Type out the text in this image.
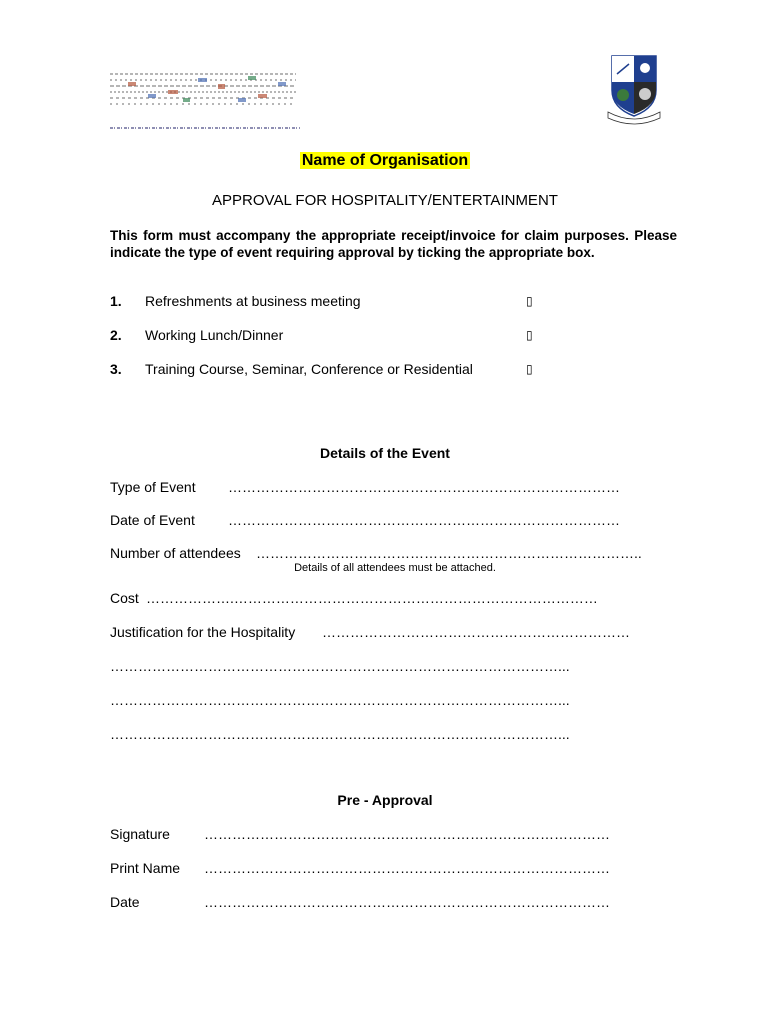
Name of Organisation
APPROVAL FOR HOSPITALITY/ENTERTAINMENT
This form must accompany the appropriate receipt/invoice for claim purposes. Please indicate the type of event requiring approval by ticking the appropriate box.
1. Refreshments at business meeting	▯
2. Working Lunch/Dinner	▯
3. Training Course, Seminar, Conference or Residential	▯
Details of the Event
Type of Event …………………………………………………………………………
Date of Event …………………………………………………………………………
Number of attendees ………………………………………………………………………..
Details of all attendees must be attached.
Cost ……………….……………………………………………………………………
Justification for the Hospitality …………………………………………………………
……………………………………………………………………………………...
……………………………………………………………………………………...
……………………………………………………………………………………...
Pre - Approval
Signature ……………………………………………………………………………
Print Name ……………………………………………………………………………
Date	……………………………………………………………………………
